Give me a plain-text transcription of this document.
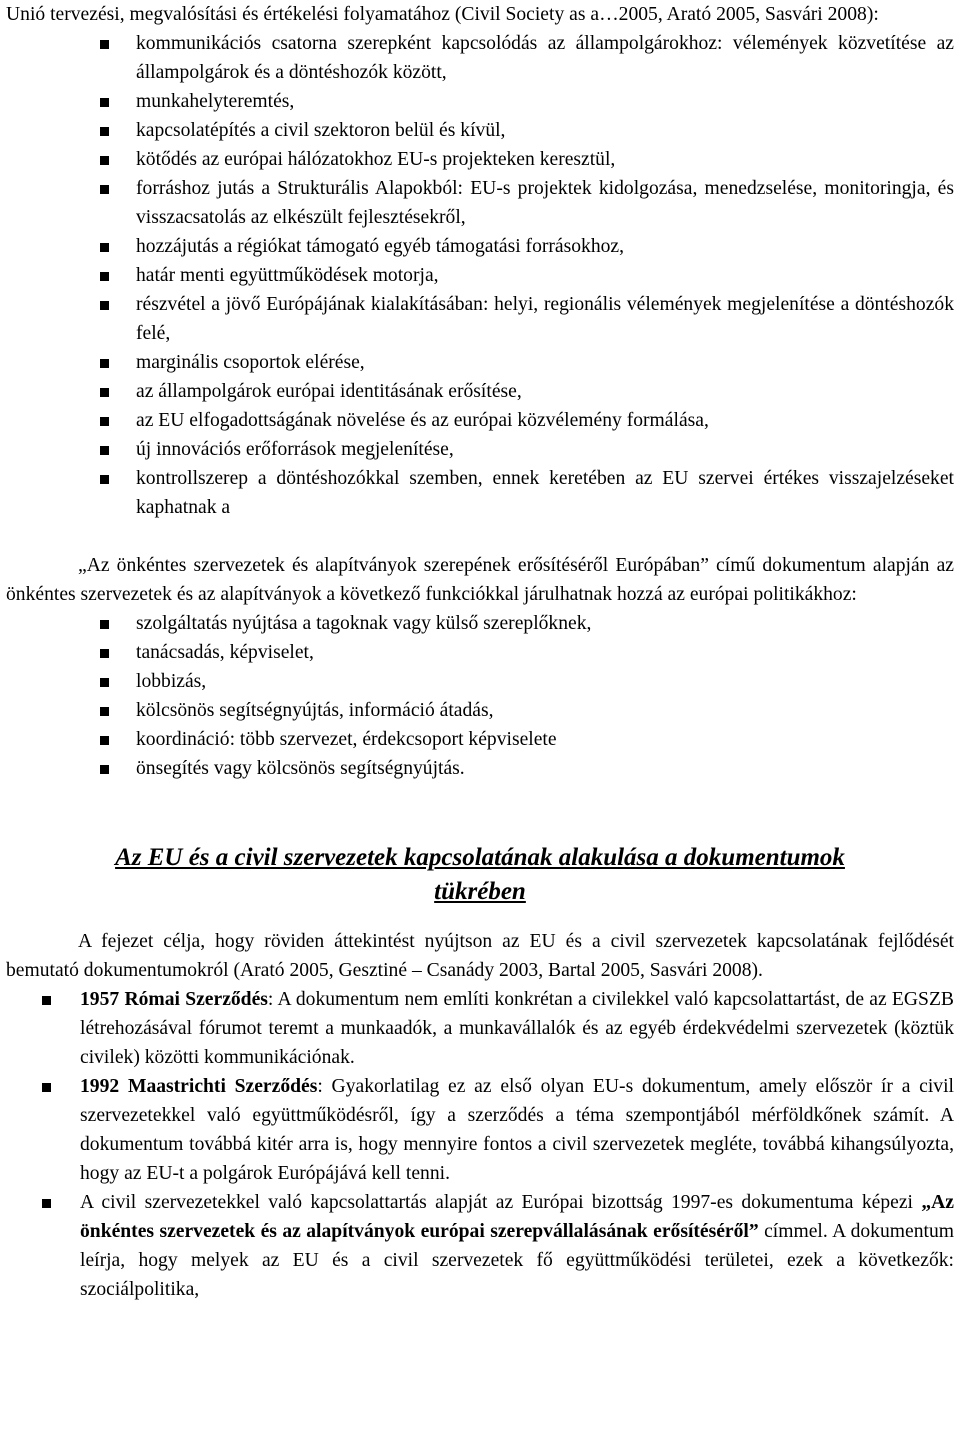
Unió tervezési, megvalósítási és értékelési folyamatához (Civil Society as a…2005, Arató 2005, Sasvári 2008):

kommunikációs csatorna szerepként kapcsolódás az állampolgárokhoz: vélemények közvetítése az állampolgárok és a döntéshozók között,
munkahelyteremtés,
kapcsolatépítés a civil szektoron belül és kívül,
kötődés az európai hálózatokhoz EU-s projekteken keresztül,
forráshoz jutás a Strukturális Alapokból: EU-s projektek kidolgozása, menedzselése, monitoringja, és visszacsatolás az elkészült fejlesztésekről,
hozzájutás a régiókat támogató egyéb támogatási forrásokhoz,
határ menti együttműködések motorja,
részvétel a jövő Európájának kialakításában: helyi, regionális vélemények megjelenítése a döntéshozók felé,
marginális csoportok elérése,
az állampolgárok európai identitásának erősítése,
az EU elfogadottságának növelése és az európai közvélemény formálása,
új innovációs erőforrások megjelenítése,
kontrollszerep a döntéshozókkal szemben, ennek keretében az EU szervei értékes visszajelzéseket kaphatnak a

„Az önkéntes szervezetek és alapítványok szerepének erősítéséről Európában” című dokumentum alapján az önkéntes szervezetek és az alapítványok a következő funkciókkal járulhatnak hozzá az európai politikákhoz:

szolgáltatás nyújtása a tagoknak vagy külső szereplőknek,
tanácsadás, képviselet,
lobbizás,
kölcsönös segítségnyújtás, információ átadás,
koordináció: több szervezet, érdekcsoport képviselete
önsegítés vagy kölcsönös segítségnyújtás.
Az EU és a civil szervezetek kapcsolatának alakulása a dokumentumok
tükrében

A fejezet célja, hogy röviden áttekintést nyújtson az EU és a civil szervezetek kapcsolatának fejlődését bemutató dokumentumokról (Arató 2005, Gesztiné – Csanády 2003, Bartal 2005, Sasvári 2008).

1957 Római Szerződés: A dokumentum nem említi konkrétan a civilekkel való kapcsolattartást, de az EGSZB létrehozásával fórumot teremt a munkaadók, a munkavállalók és az egyéb érdekvédelmi szervezetek (köztük civilek) közötti kommunikációnak.
1992 Maastrichti Szerződés: Gyakorlatilag ez az első olyan EU-s dokumentum, amely először ír a civil szervezetekkel való együttműködésről, így a szerződés a téma szempontjából mérföldkőnek számít. A dokumentum továbbá kitér arra is, hogy mennyire fontos a civil szervezetek megléte, továbbá kihangsúlyozta, hogy az EU-t a polgárok Európájává kell tenni.
A civil szervezetekkel való kapcsolattartás alapját az Európai bizottság 1997-es dokumentuma képezi „Az önkéntes szervezetek és az alapítványok európai szerepvállalásának erősítéséről” címmel. A dokumentum leírja, hogy melyek az EU és a civil szervezetek fő együttműködési területei, ezek a következők: szociálpolitika,
